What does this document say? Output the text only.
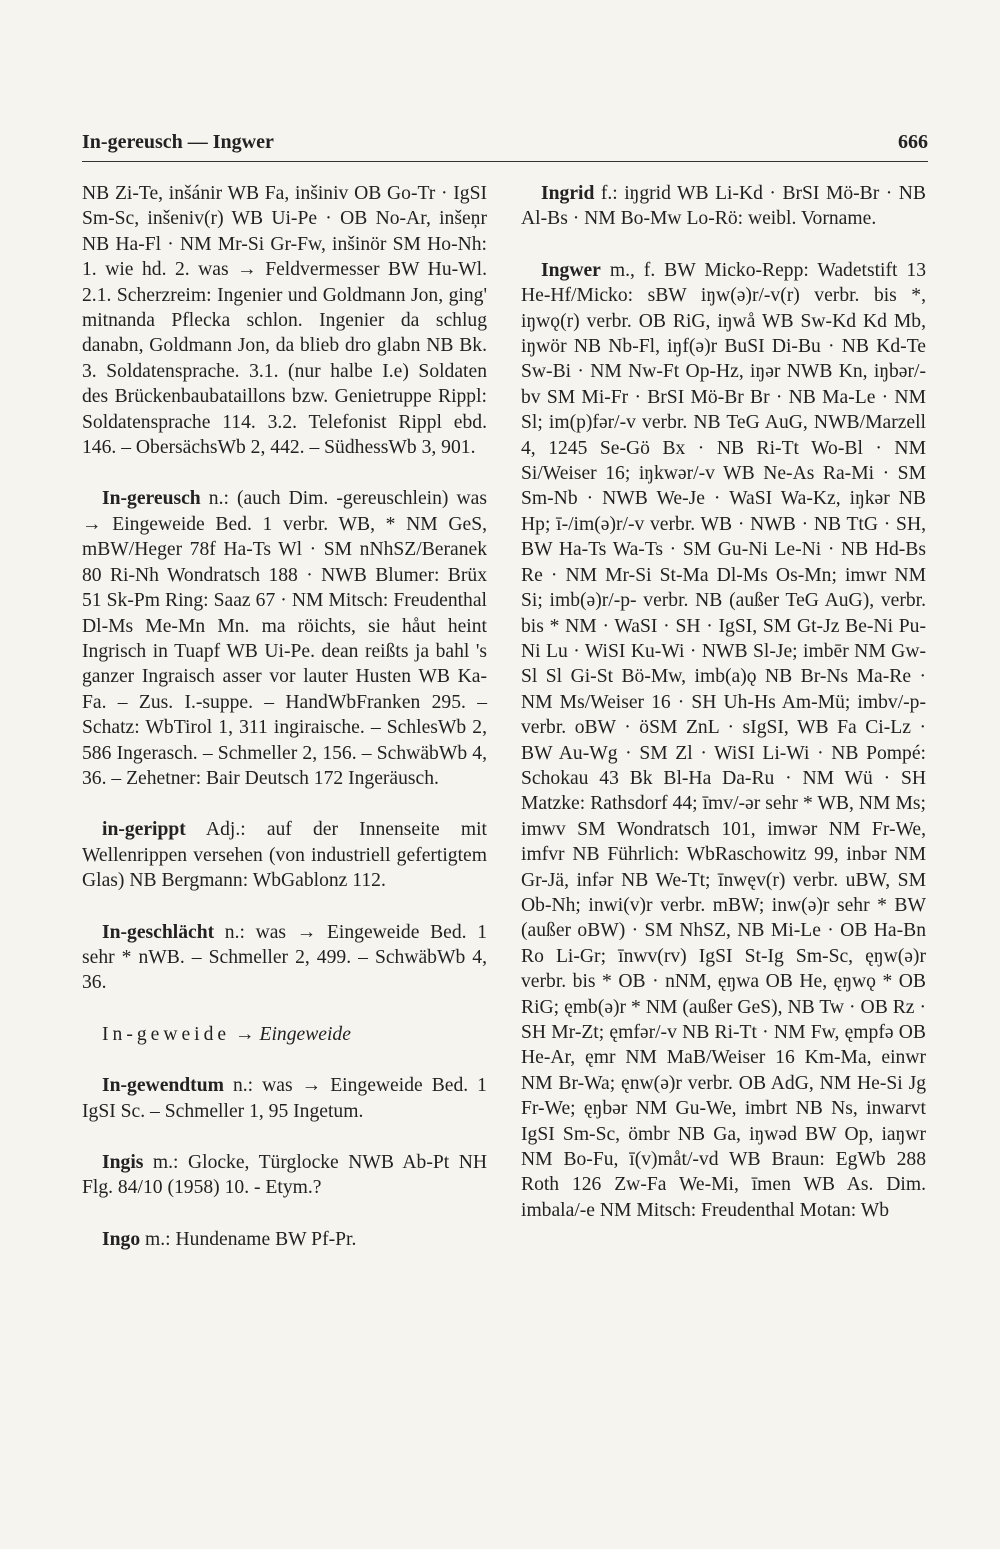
In-gereusch — Ingwer	666

NB Zi-Te, inšánir WB Fa, inšiniv OB Go-Tr · IgSI Sm-Sc, inšeniv(r) WB Ui-Pe · OB No-Ar, inšeņr NB Ha-Fl · NM Mr-Si Gr-Fw, inšinör SM Ho-Nh: 1. wie hd. 2. was → Feldvermesser BW Hu-Wl. 2.1. Scherzreim: Ingenier und Goldmann Jon, ging' mitnanda Pflecka schlon. Ingenier da schlug danabn, Goldmann Jon, da blieb dro glabn NB Bk. 3. Soldatensprache. 3.1. (nur halbe I.e) Soldaten des Brückenbaubataillons bzw. Genietruppe Rippl: Soldatensprache 114. 3.2. Telefonist Rippl ebd. 146. – ObersächsWb 2, 442. – SüdhessWb 3, 901.

In-gereusch n.: (auch Dim. -gereuschlein) was → Eingeweide Bed. 1 verbr. WB, * NM GeS, mBW/Heger 78f Ha-Ts Wl · SM nNhSZ/Beranek 80 Ri-Nh Wondratsch 188 · NWB Blumer: Brüx 51 Sk-Pm Ring: Saaz 67 · NM Mitsch: Freudenthal Dl-Ms Me-Mn Mn. ma röichts, sie håut heint Ingrisch in Tuapf WB Ui-Pe. dean reißts ja bahl 's ganzer Ingraisch asser vor lauter Husten WB Ka-Fa. – Zus. I.-suppe. – HandWbFranken 295. – Schatz: WbTirol 1, 311 ingiraische. – SchlesWb 2, 586 Ingerasch. – Schmeller 2, 156. – SchwäbWb 4, 36. – Zehetner: Bair Deutsch 172 Ingeräusch.

in-gerippt Adj.: auf der Innenseite mit Wellenrippen versehen (von industriell gefertigtem Glas) NB Bergmann: WbGablonz 112.

In-geschlächt n.: was → Eingeweide Bed. 1 sehr * nWB. – Schmeller 2, 499. – SchwäbWb 4, 36.

In-geweide → Eingeweide

In-gewendtum n.: was → Eingeweide Bed. 1 IgSI Sc. – Schmeller 1, 95 Ingetum.

Ingis m.: Glocke, Türglocke NWB Ab-Pt NH Flg. 84/10 (1958) 10. - Etym.?

Ingo m.: Hundename BW Pf-Pr.

Ingrid f.: iŋgrid WB Li-Kd · BrSI Mö-Br · NB Al-Bs · NM Bo-Mw Lo-Rö: weibl. Vorname.

Ingwer m., f. BW Micko-Repp: Wadetstift 13 He-Hf/Micko: sBW iŋw(ə)r/-v(r) verbr. bis *, iŋwǫ(r) verbr. OB RiG, iŋwå WB Sw-Kd Kd Mb, iŋwör NB Nb-Fl, iŋf(ə)r BuSI Di-Bu · NB Kd-Te Sw-Bi · NM Nw-Ft Op-Hz, iŋər NWB Kn, iŋbər/-bv SM Mi-Fr · BrSI Mö-Br Br · NB Ma-Le · NM Sl; im(p)fər/-v verbr. NB TeG AuG, NWB/Marzell 4, 1245 Se-Gö Bx · NB Ri-Tt Wo-Bl · NM Si/Weiser 16; iŋkwər/-v WB Ne-As Ra-Mi · SM Sm-Nb · NWB We-Je · WaSI Wa-Kz, iŋkər NB Hp; ī-/im(ə)r/-v verbr. WB · NWB · NB TtG · SH, BW Ha-Ts Wa-Ts · SM Gu-Ni Le-Ni · NB Hd-Bs Re · NM Mr-Si St-Ma Dl-Ms Os-Mn; imwr NM Si; imb(ə)r/-p- verbr. NB (außer TeG AuG), verbr. bis * NM · WaSI · SH · IgSI, SM Gt-Jz Be-Ni Pu-Ni Lu · WiSI Ku-Wi · NWB Sl-Je; imbēr NM Gw-Sl Sl Gi-St Bö-Mw, imb(a)ǫ NB Br-Ns Ma-Re · NM Ms/Weiser 16 · SH Uh-Hs Am-Mü; imbv/-p- verbr. oBW · öSM ZnL · sIgSI, WB Fa Ci-Lz · BW Au-Wg · SM Zl · WiSI Li-Wi · NB Pompé: Schokau 43 Bk Bl-Ha Da-Ru · NM Wü · SH Matzke: Rathsdorf 44; īmv/-ər sehr * WB, NM Ms; imwv SM Wondratsch 101, imwər NM Fr-We, imfvr NB Führlich: WbRaschowitz 99, inbər NM Gr-Jä, infər NB We-Tt; īnwęv(r) verbr. uBW, SM Ob-Nh; inwi(v)r verbr. mBW; inw(ə)r sehr * BW (außer oBW) · SM NhSZ, NB Mi-Le · OB Ha-Bn Ro Li-Gr; īnwv(rv) IgSI St-Ig Sm-Sc, ęŋw(ə)r verbr. bis * OB · nNM, ęŋwa OB He, ęŋwǫ * OB RiG; ęmb(ə)r * NM (außer GeS), NB Tw · OB Rz · SH Mr-Zt; ęmfər/-v NB Ri-Tt · NM Fw, ęmpfə OB He-Ar, ęmr NM MaB/Weiser 16 Km-Ma, einwr NM Br-Wa; ęnw(ə)r verbr. OB AdG, NM He-Si Jg Fr-We; ęŋbər NM Gu-We, imbrt NB Ns, inwarvt IgSI Sm-Sc, ömbr NB Ga, iŋwəd BW Op, iaŋwr NM Bo-Fu, ī(v)måt/-vd WB Braun: EgWb 288 Roth 126 Zw-Fa We-Mi, īmen WB As. Dim. imbala/-e NM Mitsch: Freudenthal Motan: Wb
